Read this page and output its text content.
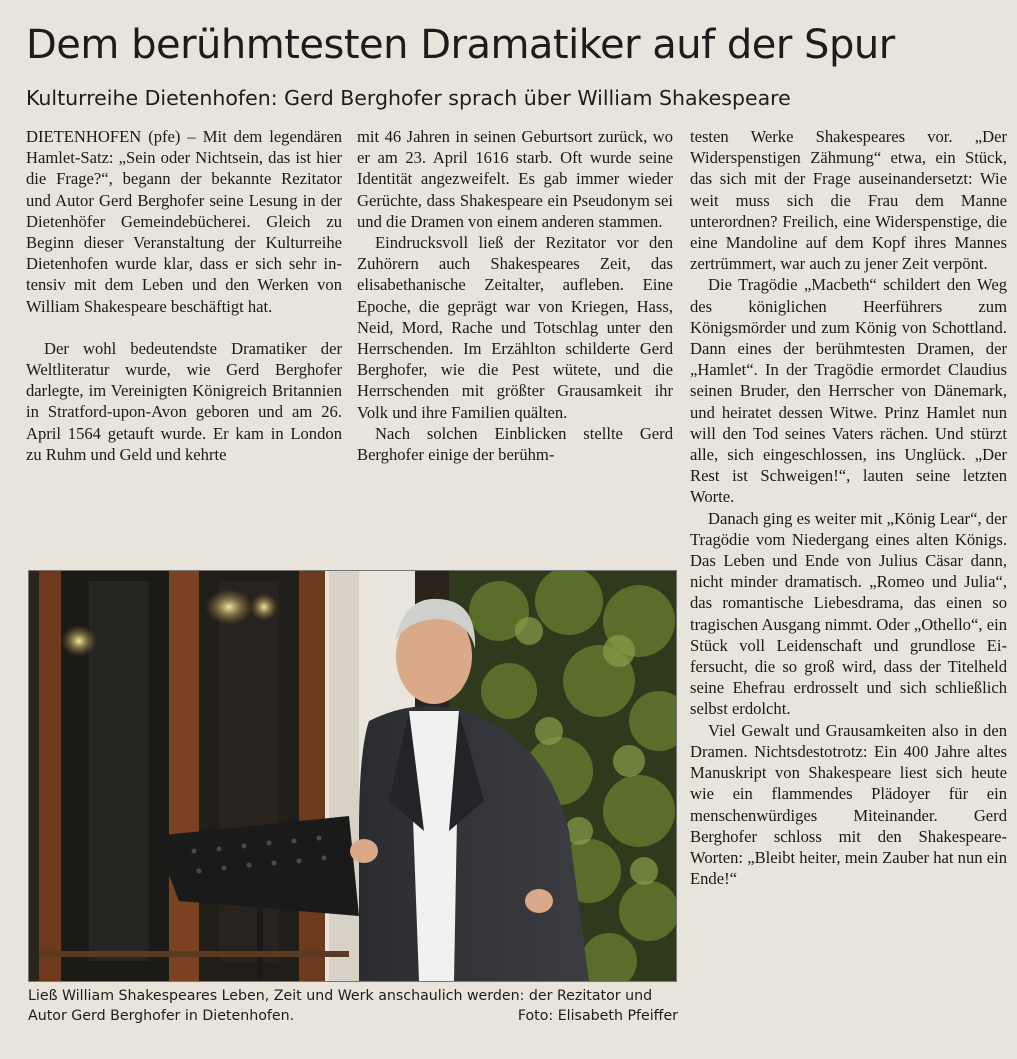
Dem berühmtesten Dramatiker auf der Spur
Kulturreihe Dietenhofen: Gerd Berghofer sprach über William Shakespeare

DIETENHOFEN (pfe) – Mit dem legendären Hamlet-Satz: „Sein oder Nichtsein, das ist hier die Frage?“, begann der bekannte Rezitator und Autor Gerd Berghofer seine Lesung in der Dietenhöfer Gemeindebücherei. Gleich zu Beginn dieser Veranstaltung der Kulturreihe Dietenhofen wurde klar, dass er sich sehr intensiv mit dem Leben und den Werken von William Shakespeare beschäftigt hat.

Der wohl bedeutendste Dramatiker der Weltliteratur wurde, wie Gerd Berghofer darlegte, im Vereinigten Königreich Britannien in Stratford-upon-Avon geboren und am 26. April 1564 getauft wurde. Er kam in London zu Ruhm und Geld und kehrte

mit 46 Jahren in seinen Geburtsort zurück, wo er am 23. April 1616 starb. Oft wurde seine Identität angezweifelt. Es gab immer wieder Gerüchte, dass Shakespeare ein Pseudonym sei und die Dramen von einem anderen stammen.

Eindrucksvoll ließ der Rezitator vor den Zuhörern auch Shakespeares Zeit, das elisabethanische Zeitalter, aufleben. Eine Epoche, die geprägt war von Kriegen, Hass, Neid, Mord, Rache und Totschlag unter den Herrschenden. Im Erzählton schilderte Gerd Berghofer, wie die Pest wütete, und die Herrschenden mit größter Grausamkeit ihr Volk und ihre Familien quälten.

Nach solchen Einblicken stellte Gerd Berghofer einige der berühm-

testen Werke Shakespeares vor. „Der Widerspenstigen Zähmung“ etwa, ein Stück, das sich mit der Frage auseinandersetzt: Wie weit muss sich die Frau dem Manne unterordnen? Freilich, eine Widerspenstige, die eine Mandoline auf dem Kopf ihres Mannes zertrümmert, war auch zu jener Zeit verpönt.

Die Tragödie „Macbeth“ schildert den Weg des königlichen Heerführers zum Königsmörder und zum König von Schottland. Dann eines der berühmtesten Dramen, der „Hamlet“. In der Tragödie ermordet Claudius seinen Bruder, den Herrscher von Dänemark, und heiratet dessen Witwe. Prinz Hamlet nun will den Tod seines Vaters rächen. Und stürzt alle, sich eingeschlossen, ins Unglück. „Der Rest ist Schweigen!“, lauten seine letzten Worte.

Danach ging es weiter mit „König Lear“, der Tragödie vom Niedergang eines alten Königs. Das Leben und Ende von Julius Cäsar dann, nicht minder dramatisch. „Romeo und Julia“, das romantische Liebesdrama, das einen so tragischen Ausgang nimmt. Oder „Othello“, ein Stück voll Leidenschaft und grundlose Eifersucht, die so groß wird, dass der Titelheld seine Ehefrau erdrosselt und sich schließlich selbst erdolcht.

Viel Gewalt und Grausamkeiten also in den Dramen. Nichtsdestotrotz: Ein 400 Jahre altes Manuskript von Shakespeare liest sich heute wie ein flammendes Plädoyer für ein menschenwürdiges Miteinander. Gerd Berghofer schloss mit den Shakespeare-Worten: „Bleibt heiter, mein Zauber hat nun ein Ende!“

Ließ William Shakespeares Leben, Zeit und Werk anschaulich werden: der Rezitator und Autor Gerd Berghofer in Dietenhofen.	Foto: Elisabeth Pfeiffer
